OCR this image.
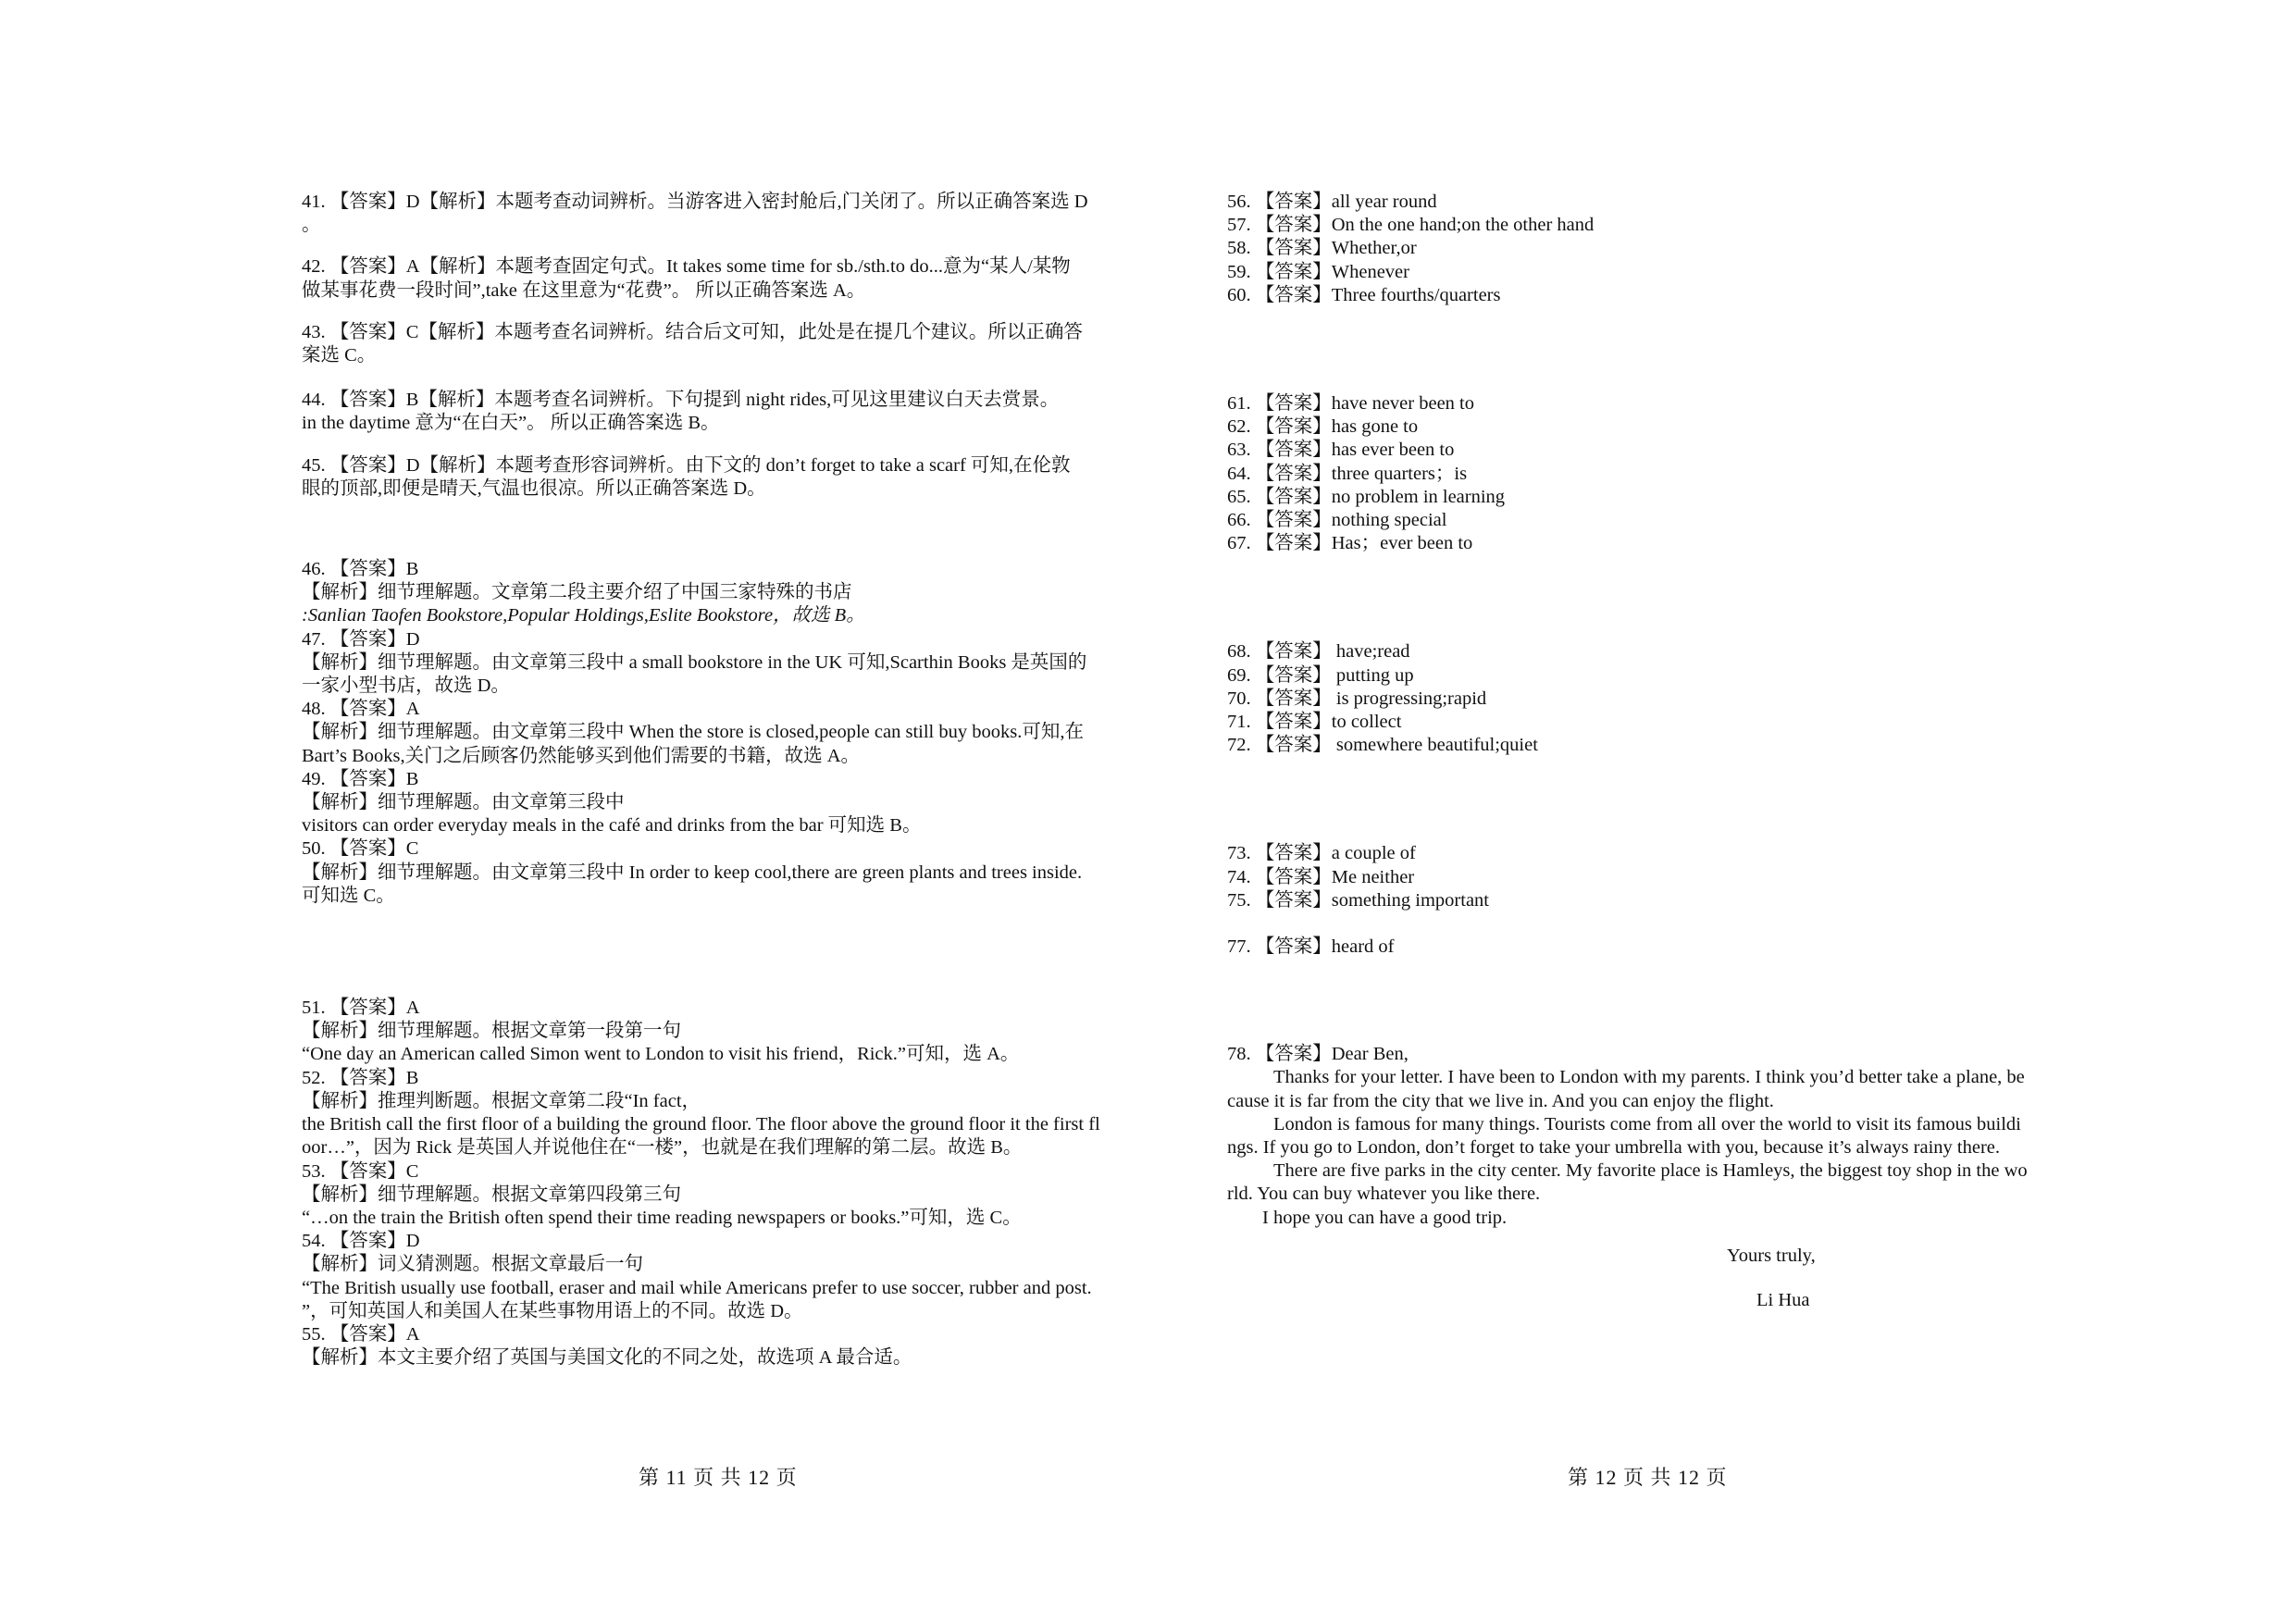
41. 【答案】D【解析】本题考查动词辨析。当游客进入密封舱后,门关闭了。所以正确答案选 D

。

42. 【答案】A【解析】本题考查固定句式。It takes some time for sb./sth.to do...意为“某人/某物

做某事花费一段时间”,take 在这里意为“花费”。 所以正确答案选 A。

43. 【答案】C【解析】本题考查名词辨析。结合后文可知，此处是在提几个建议。所以正确答

案选 C。

44. 【答案】B【解析】本题考查名词辨析。下句提到 night rides,可见这里建议白天去赏景。

in the daytime 意为“在白天”。 所以正确答案选 B。

45. 【答案】D【解析】本题考查形容词辨析。由下文的 don’t forget to take a scarf 可知,在伦敦

眼的顶部,即便是晴天,气温也很凉。所以正确答案选 D。

46. 【答案】B

【解析】细节理解题。文章第二段主要介绍了中国三家特殊的书店

:Sanlian Taofen Bookstore,Popular Holdings,Eslite Bookstore，故选 B。

47. 【答案】D

【解析】细节理解题。由文章第三段中 a small bookstore in the UK 可知,Scarthin Books 是英国的

一家小型书店，故选 D。

48. 【答案】A

【解析】细节理解题。由文章第三段中 When the store is closed,people can still buy books.可知,在

Bart’s Books,关门之后顾客仍然能够买到他们需要的书籍，故选 A。

49. 【答案】B

【解析】细节理解题。由文章第三段中

visitors can order everyday meals in the café and drinks from the bar 可知选 B。

50. 【答案】C

【解析】细节理解题。由文章第三段中 In order to keep cool,there are green plants and trees inside.

可知选 C。

51. 【答案】A

【解析】细节理解题。根据文章第一段第一句

“One day an American called Simon went to London to visit his friend，Rick.”可知，选 A。

52. 【答案】B

【解析】推理判断题。根据文章第二段“In fact，

the British call the first floor of a building the ground floor. The floor above the ground floor it the first fl

oor…”，因为 Rick 是英国人并说他住在“一楼”，也就是在我们理解的第二层。故选 B。

53. 【答案】C

【解析】细节理解题。根据文章第四段第三句

“…on the train the British often spend their time reading newspapers or books.”可知，选 C。

54. 【答案】D

【解析】词义猜测题。根据文章最后一句

“The British usually use football, eraser and mail while Americans prefer to use soccer, rubber and post.

”，可知英国人和美国人在某些事物用语上的不同。故选 D。

55. 【答案】A

【解析】本文主要介绍了英国与美国文化的不同之处，故选项 A 最合适。

第 11 页 共 12 页

56. 【答案】all year round

57. 【答案】On the one hand;on the other hand

58. 【答案】Whether,or

59. 【答案】Whenever

60. 【答案】Three fourths/quarters

61. 【答案】have never been to

62. 【答案】has gone to

63. 【答案】has ever been to

64. 【答案】three quarters；is

65. 【答案】no problem in learning

66. 【答案】nothing special

67. 【答案】Has；ever been to

68. 【答案】 have;read

69. 【答案】 putting up

70. 【答案】 is progressing;rapid

71. 【答案】to collect

72. 【答案】 somewhere beautiful;quiet

73. 【答案】a couple of

74. 【答案】Me neither

75. 【答案】something important

77. 【答案】heard of

78. 【答案】Dear Ben,

Thanks for your letter. I have been to London with my parents. I think you’d better take a plane, be

cause it is far from the city that we live in. And you can enjoy the flight.

London is famous for many things. Tourists come from all over the world to visit its famous buildi

ngs. If you go to London, don’t forget to take your umbrella with you, because it’s always rainy there.

There are five parks in the city center. My favorite place is Hamleys, the biggest toy shop in the wo

rld. You can buy whatever you like there.

I hope you can have a good trip.

Yours truly,
Li Hua
第 12 页 共 12 页
